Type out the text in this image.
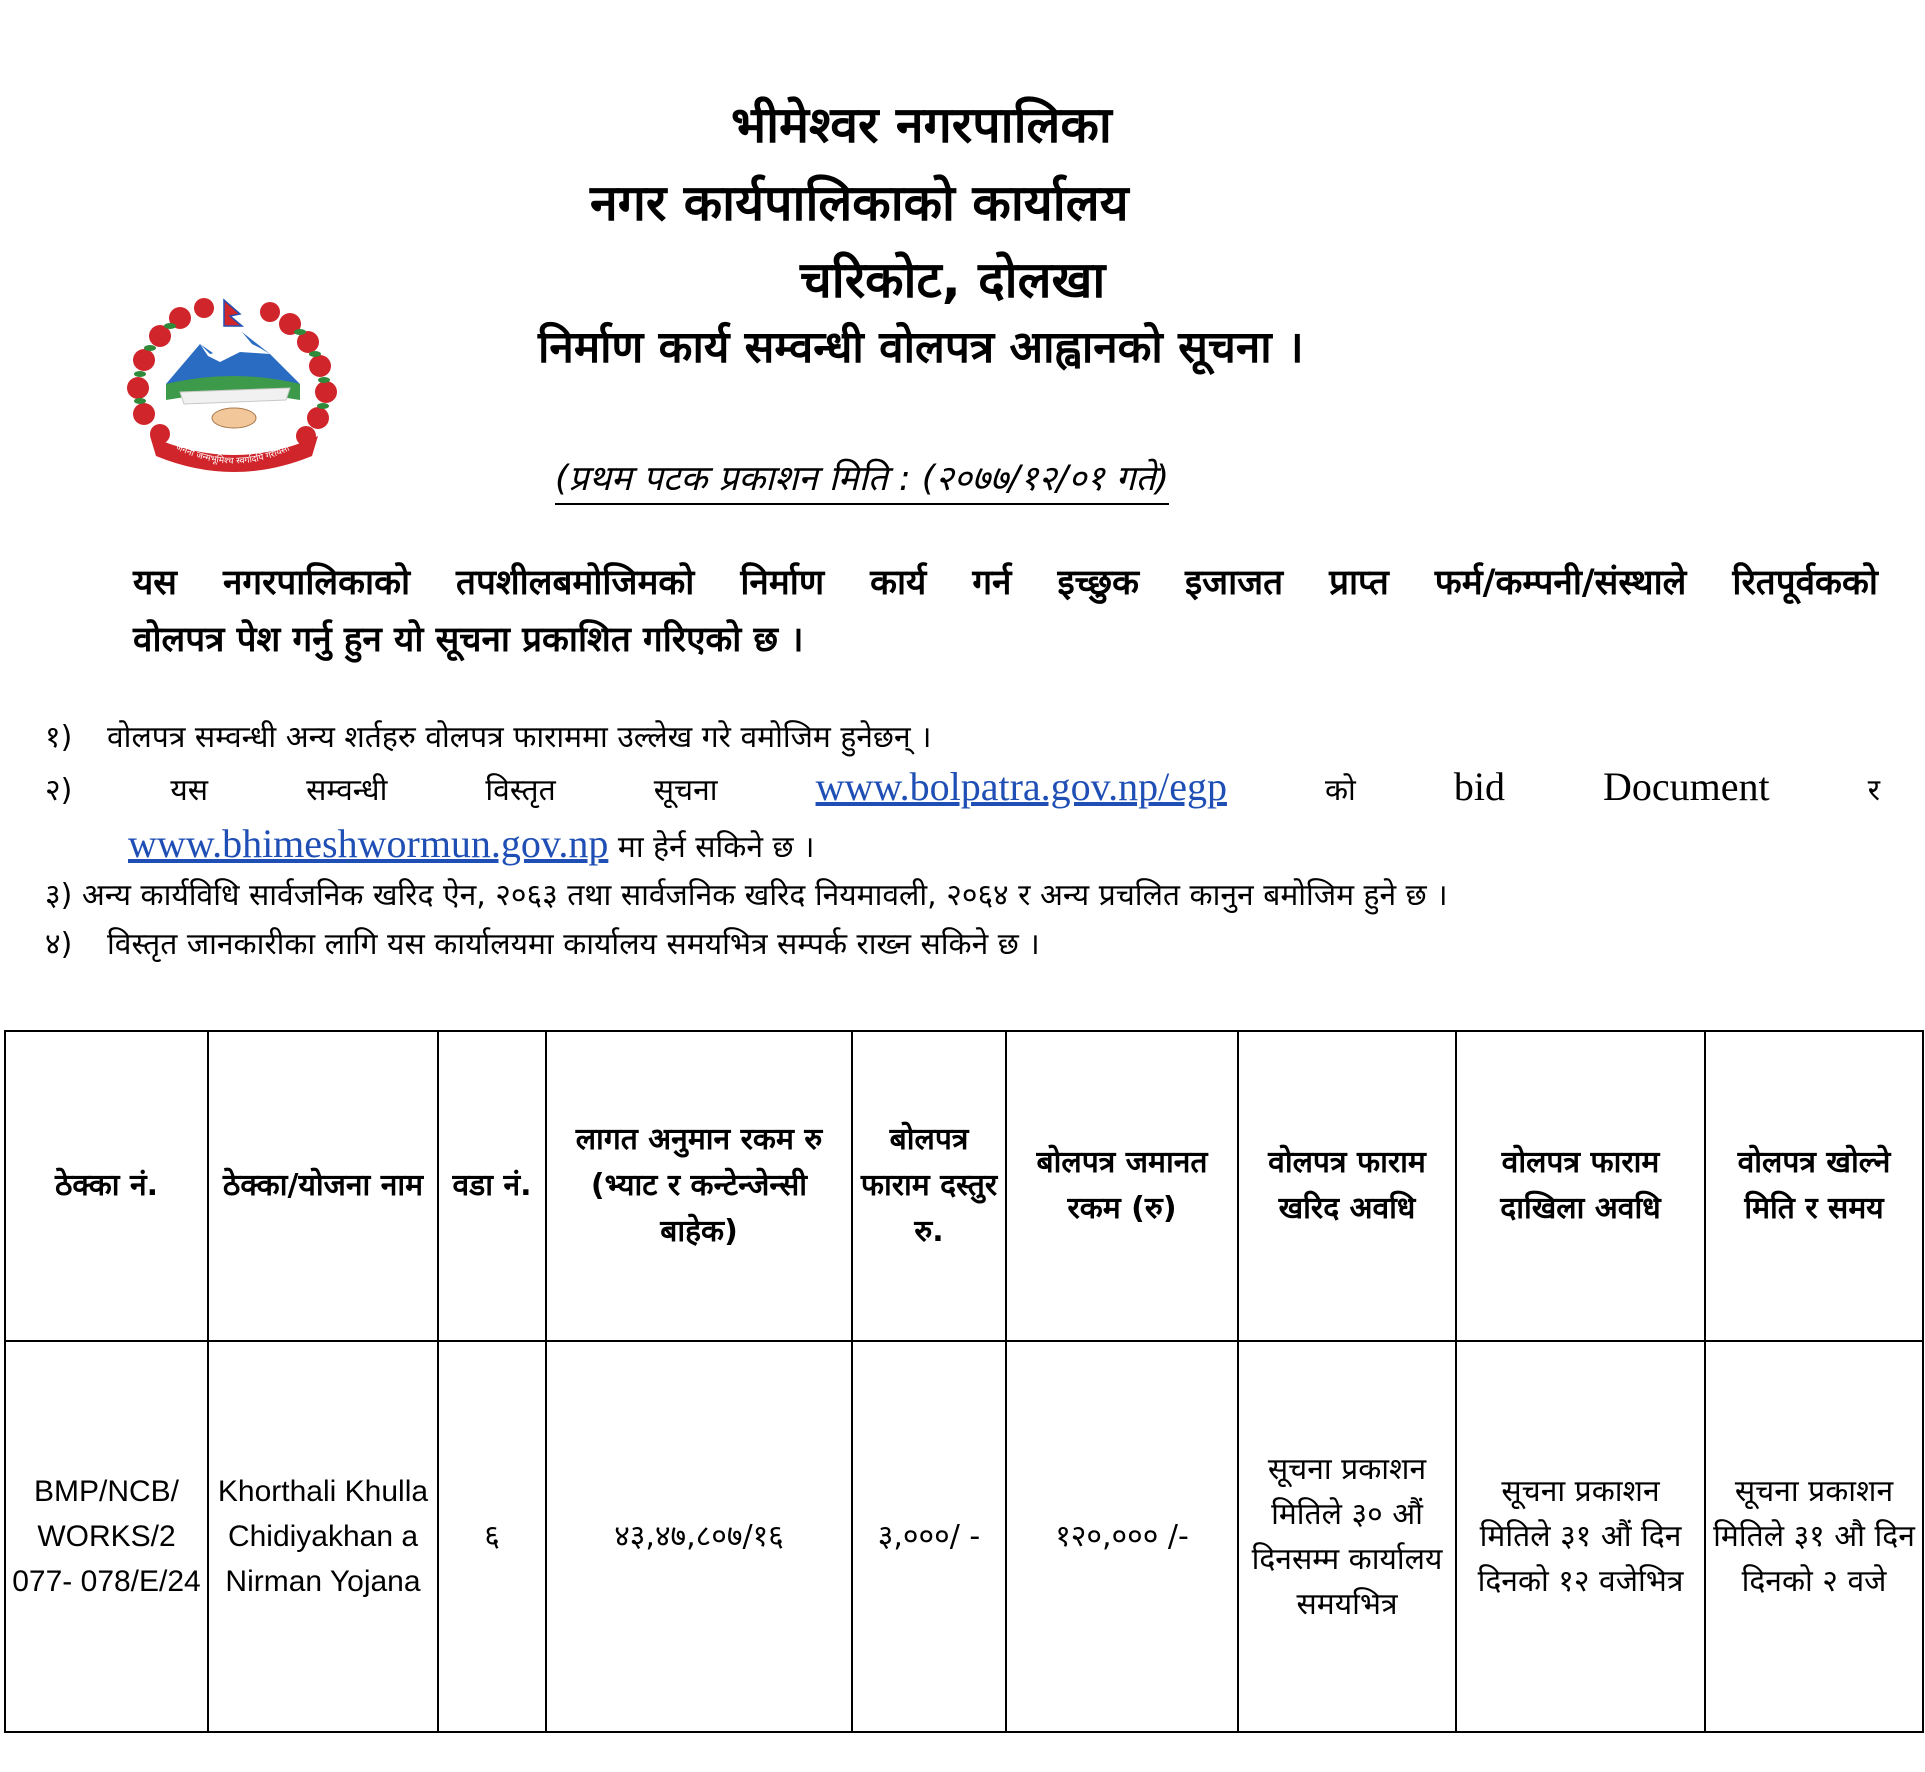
भीमेश्वर नगरपालिका
नगर कार्यपालिकाको कार्यालय
चरिकोट, दोलखा
निर्माण कार्य सम्वन्धी वोलपत्र आह्वानको सूचना ।
जननी जन्मभूमिश्च स्वर्गादपि गरीयसी
(प्रथम पटक प्रकाशन मिति : (२०७७/१२/०१ गते)
यस नगरपालिकाको तपशीलबमोजिमको निर्माण कार्य गर्न इच्छुक इजाजत प्राप्त फर्म/कम्पनी/संस्थाले रितपूर्वकको
वोलपत्र पेश गर्नु हुन यो सूचना प्रकाशित गरिएको छ ।
१) वोलपत्र सम्वन्धी अन्य शर्तहरु वोलपत्र फाराममा उल्लेख गरे वमोजिम हुनेछन् ।
२)	यस	सम्वन्धी	विस्तृत	सूचना www.bolpatra.gov.np/egp	को bid Document	र
www.bhimeshwormun.gov.np मा हेर्न सकिने छ ।
३) अन्य कार्यविधि सार्वजनिक खरिद ऐन, २०६३ तथा सार्वजनिक खरिद नियमावली, २०६४ र अन्य प्रचलित कानुन बमोजिम हुने छ ।
४) विस्तृत जानकारीका लागि यस कार्यालयमा कार्यालय समयभित्र सम्पर्क राख्न सकिने छ ।
ठेक्का नं.	ठेक्का/योजना नाम	वडा नं.	लागत अनुमान रकम रु (भ्याट र कन्टेन्जेन्सी बाहेक)	बोलपत्र फाराम दस्तुर रु.	बोलपत्र जमानत रकम (रु)	वोलपत्र फाराम खरिद अवधि	वोलपत्र फाराम दाखिला अवधि	वोलपत्र खोल्ने मिति र समय
BMP/NCB/ WORKS/2 077- 078/E/24	Khorthali Khulla Chidiyakhan a Nirman Yojana	६	४३,४७,८०७/१६	३,०००/ -	१२०,००० /-	सूचना प्रकाशन मितिले ३० औं दिनसम्म कार्यालय समयभित्र	सूचना प्रकाशन मितिले ३१ औं दिन दिनको १२ वजेभित्र	सूचना प्रकाशन मितिले ३१ औ दिन दिनको २ वजे
